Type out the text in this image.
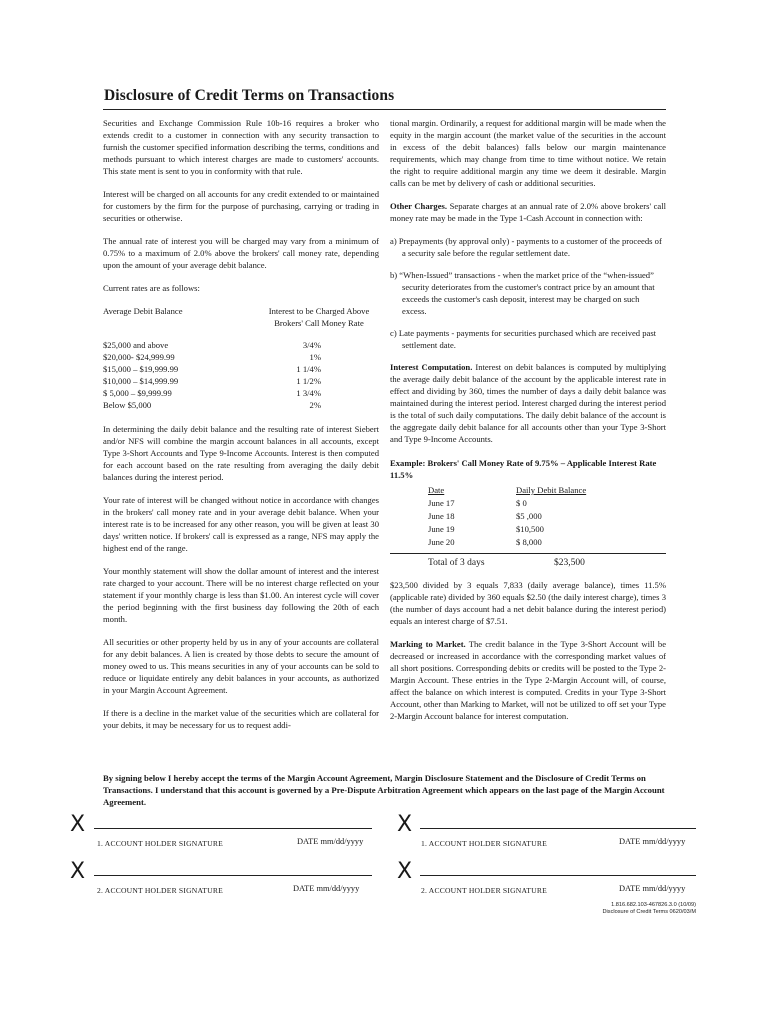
Disclosure of Credit Terms on Transactions

Securities and Exchange Commission Rule 10b-16 requires a broker who extends credit to a customer in connection with any security transaction to furnish the customer specified information describing the terms, conditions and methods pursuant to which interest charges are made to customers' accounts. This state ment is sent to you in conformity with that rule.

Interest will be charged on all accounts for any credit extended to or maintained for customers by the firm for the purpose of purchasing, carrying or trading in securities or otherwise.

The annual rate of interest you will be charged may vary from a minimum of 0.75% to a maximum of 2.0% above the brokers' call money rate, depending upon the amount of your average debit balance.

Current rates are as follows:

Average Debit Balance	Interest to be Charged Above Brokers' Call Money Rate
$25,000 and above	3/4%
$20,000- $24,999.99	1%
$15,000 – $19,999.99	1 1/4%
$10,000 – $14,999.99	1 1/2%
$ 5,000 – $9,999.99	1 3/4%
Below $5,000	2%

In determining the daily debit balance and the resulting rate of interest Siebert and/or NFS will combine the margin account balances in all accounts, except Type 3-Short Accounts and Type 9-Income Accounts. Interest is then computed for each account based on the rate resulting from averaging the daily debit balances during the interest period.

Your rate of interest will be changed without notice in accordance with changes in the brokers' call money rate and in your average debit balance. When your interest rate is to be increased for any other reason, you will be given at least 30 days' written notice. If brokers' call is expressed as a range, NFS may apply the highest end of the range.

Your monthly statement will show the dollar amount of interest and the interest rate charged to your account. There will be no interest charge reflected on your statement if your monthly charge is less than $1.00. An interest cycle will cover the period beginning with the first business day following the 20th of each month.

All securities or other property held by us in any of your accounts are collateral for any debit balances. A lien is created by those debts to secure the amount of money owed to us. This means securities in any of your accounts can be sold to reduce or liquidate entirely any debit balances in your accounts, as authorized in your Margin Account Agreement.

If there is a decline in the market value of the securities which are collateral for your debits, it may be necessary for us to request addi-

tional margin. Ordinarily, a request for additional margin will be made when the equity in the margin account (the market value of the securities in the account in excess of the debit balances) falls below our margin maintenance requirements, which may change from time to time without notice. We retain the right to require additional margin any time we deem it desirable. Margin calls can be met by delivery of cash or additional securities.

Other Charges. Separate charges at an annual rate of 2.0% above brokers' call money rate may be made in the Type 1-Cash Account in connection with:

a) Prepayments (by approval only) - payments to a customer of the proceeds of a security sale before the regular settlement date.

b) “When-Issued” transactions - when the market price of the “when-issued” security deteriorates from the customer's contract price by an amount that exceeds the customer's cash deposit, interest may be charged on such excess.

c) Late payments - payments for securities purchased which are received past settlement date.

Interest Computation. Interest on debit balances is computed by multiplying the average daily debit balance of the account by the applicable interest rate in effect and dividing by 360, times the number of days a daily debit balance was maintained during the interest period. Interest charged during the interest period is the total of such daily computations. The daily debit balance of the account is the aggregate daily debit balance for all accounts other than your Type 3-Short and Type 9-Income Accounts.

Example: Brokers' Call Money Rate of 9.75% – Applicable Interest Rate 11.5%

Date	Daily Debit Balance
June 17	$ 0
June 18	$5 ,000
June 19	$10,500
June 20	$ 8,000
Total of 3 days	$23,500

$23,500 divided by 3 equals 7,833 (daily average balance), times 11.5% (applicable rate) divided by 360 equals $2.50 (the daily interest charge), times 3 (the number of days account had a net debit balance during the interest period) equals an interest charge of $7.51.

Marking to Market. The credit balance in the Type 3-Short Account will be decreased or increased in accordance with the corresponding market values of all short positions. Corresponding debits or credits will be posted to the Type 2-Margin Account. These entries in the Type 2-Margin Account will, of course, affect the balance on which interest is computed. Credits in your Type 3-Short Account, other than Marking to Market, will not be utilized to off set your Type 2-Margin Account balance for interest computation.

By signing below I hereby accept the terms of the Margin Account Agreement, Margin Disclosure Statement and the Disclosure of Credit Terms on Transactions. I understand that this account is governed by a Pre-Dispute Arbitration Agreement which appears on the last page of the Margin Account Agreement.
X
1. ACCOUNT HOLDER SIGNATURE	DATE mm/dd/yyyy
X
1. ACCOUNT HOLDER SIGNATURE	DATE mm/dd/yyyy
X
2. ACCOUNT HOLDER SIGNATURE	DATE mm/dd/yyyy
X
2. ACCOUNT HOLDER SIGNATURE	DATE mm/dd/yyyy
1.816.682.103-467826.3.0 (10/09)
Disclosure of Credit Terms 0620/03/M
